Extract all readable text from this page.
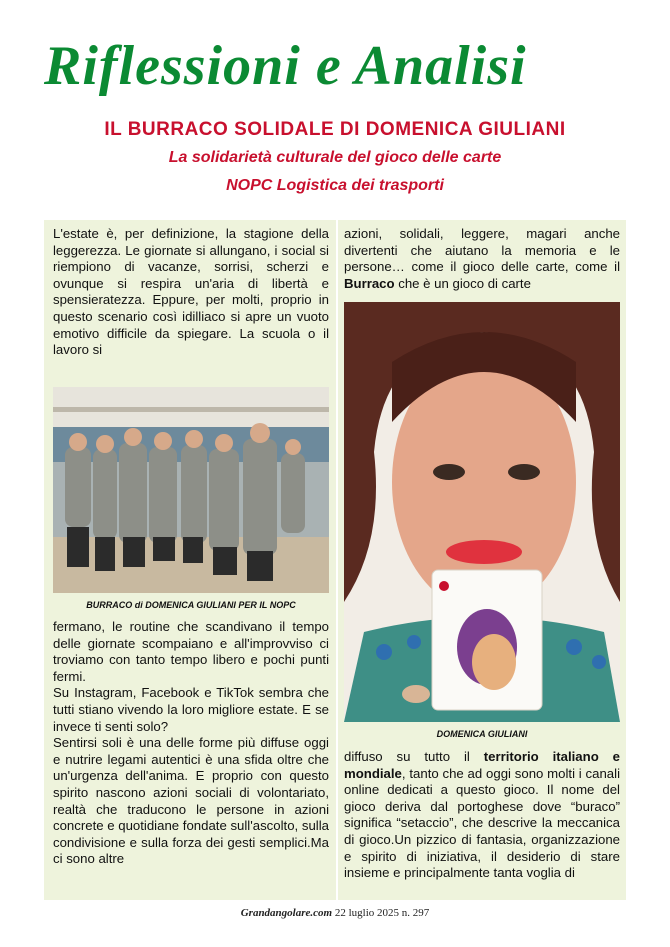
Riflessioni e Analisi
IL BURRACO SOLIDALE DI DOMENICA GIULIANI
La solidarietà culturale del gioco delle carte
NOPC Logistica dei trasporti
L'estate è, per definizione, la stagione della leggerezza. Le giornate si allungano, i social si riempiono di vacanze, sorrisi, scherzi e ovunque si respira un'aria di libertà e spensieratezza. Eppure, per molti, proprio in questo scenario così idilliaco si apre un vuoto emotivo difficile da spiegare. La scuola o il lavoro si
BURRACO di DOMENICA GIULIANI PER IL NOPC
fermano, le routine che scandivano il tempo delle giornate scompaiano e all'improvviso ci troviamo con tanto tempo libero e pochi punti fermi.
Su Instagram, Facebook e TikTok sembra che tutti stiano vivendo la loro migliore estate. E se invece ti senti solo?
Sentirsi soli è una delle forme più diffuse oggi e nutrire legami autentici è una sfida oltre che un'urgenza dell'anima. E proprio con questo spirito nascono azioni sociali di volontariato, realtà che traducono le persone in azioni concrete e quotidiane fondate sull'ascolto, sulla condivisione e sulla forza dei gesti semplici.Ma ci sono altre
azioni, solidali, leggere, magari anche divertenti che aiutano la memoria e le persone… come il gioco delle carte, come il Burraco che è un gioco di carte
DOMENICA GIULIANI
diffuso su tutto il territorio italiano e mondiale, tanto che ad oggi sono molti i canali online dedicati a questo gioco. Il nome del gioco deriva dal portoghese dove “buraco” significa “setaccio”, che descrive la meccanica di gioco.Un pizzico di fantasia, organizzazione e spirito di iniziativa, il desiderio di stare insieme e principalmente tanta voglia di
Grandangolare.com 22 luglio 2025 n. 297
